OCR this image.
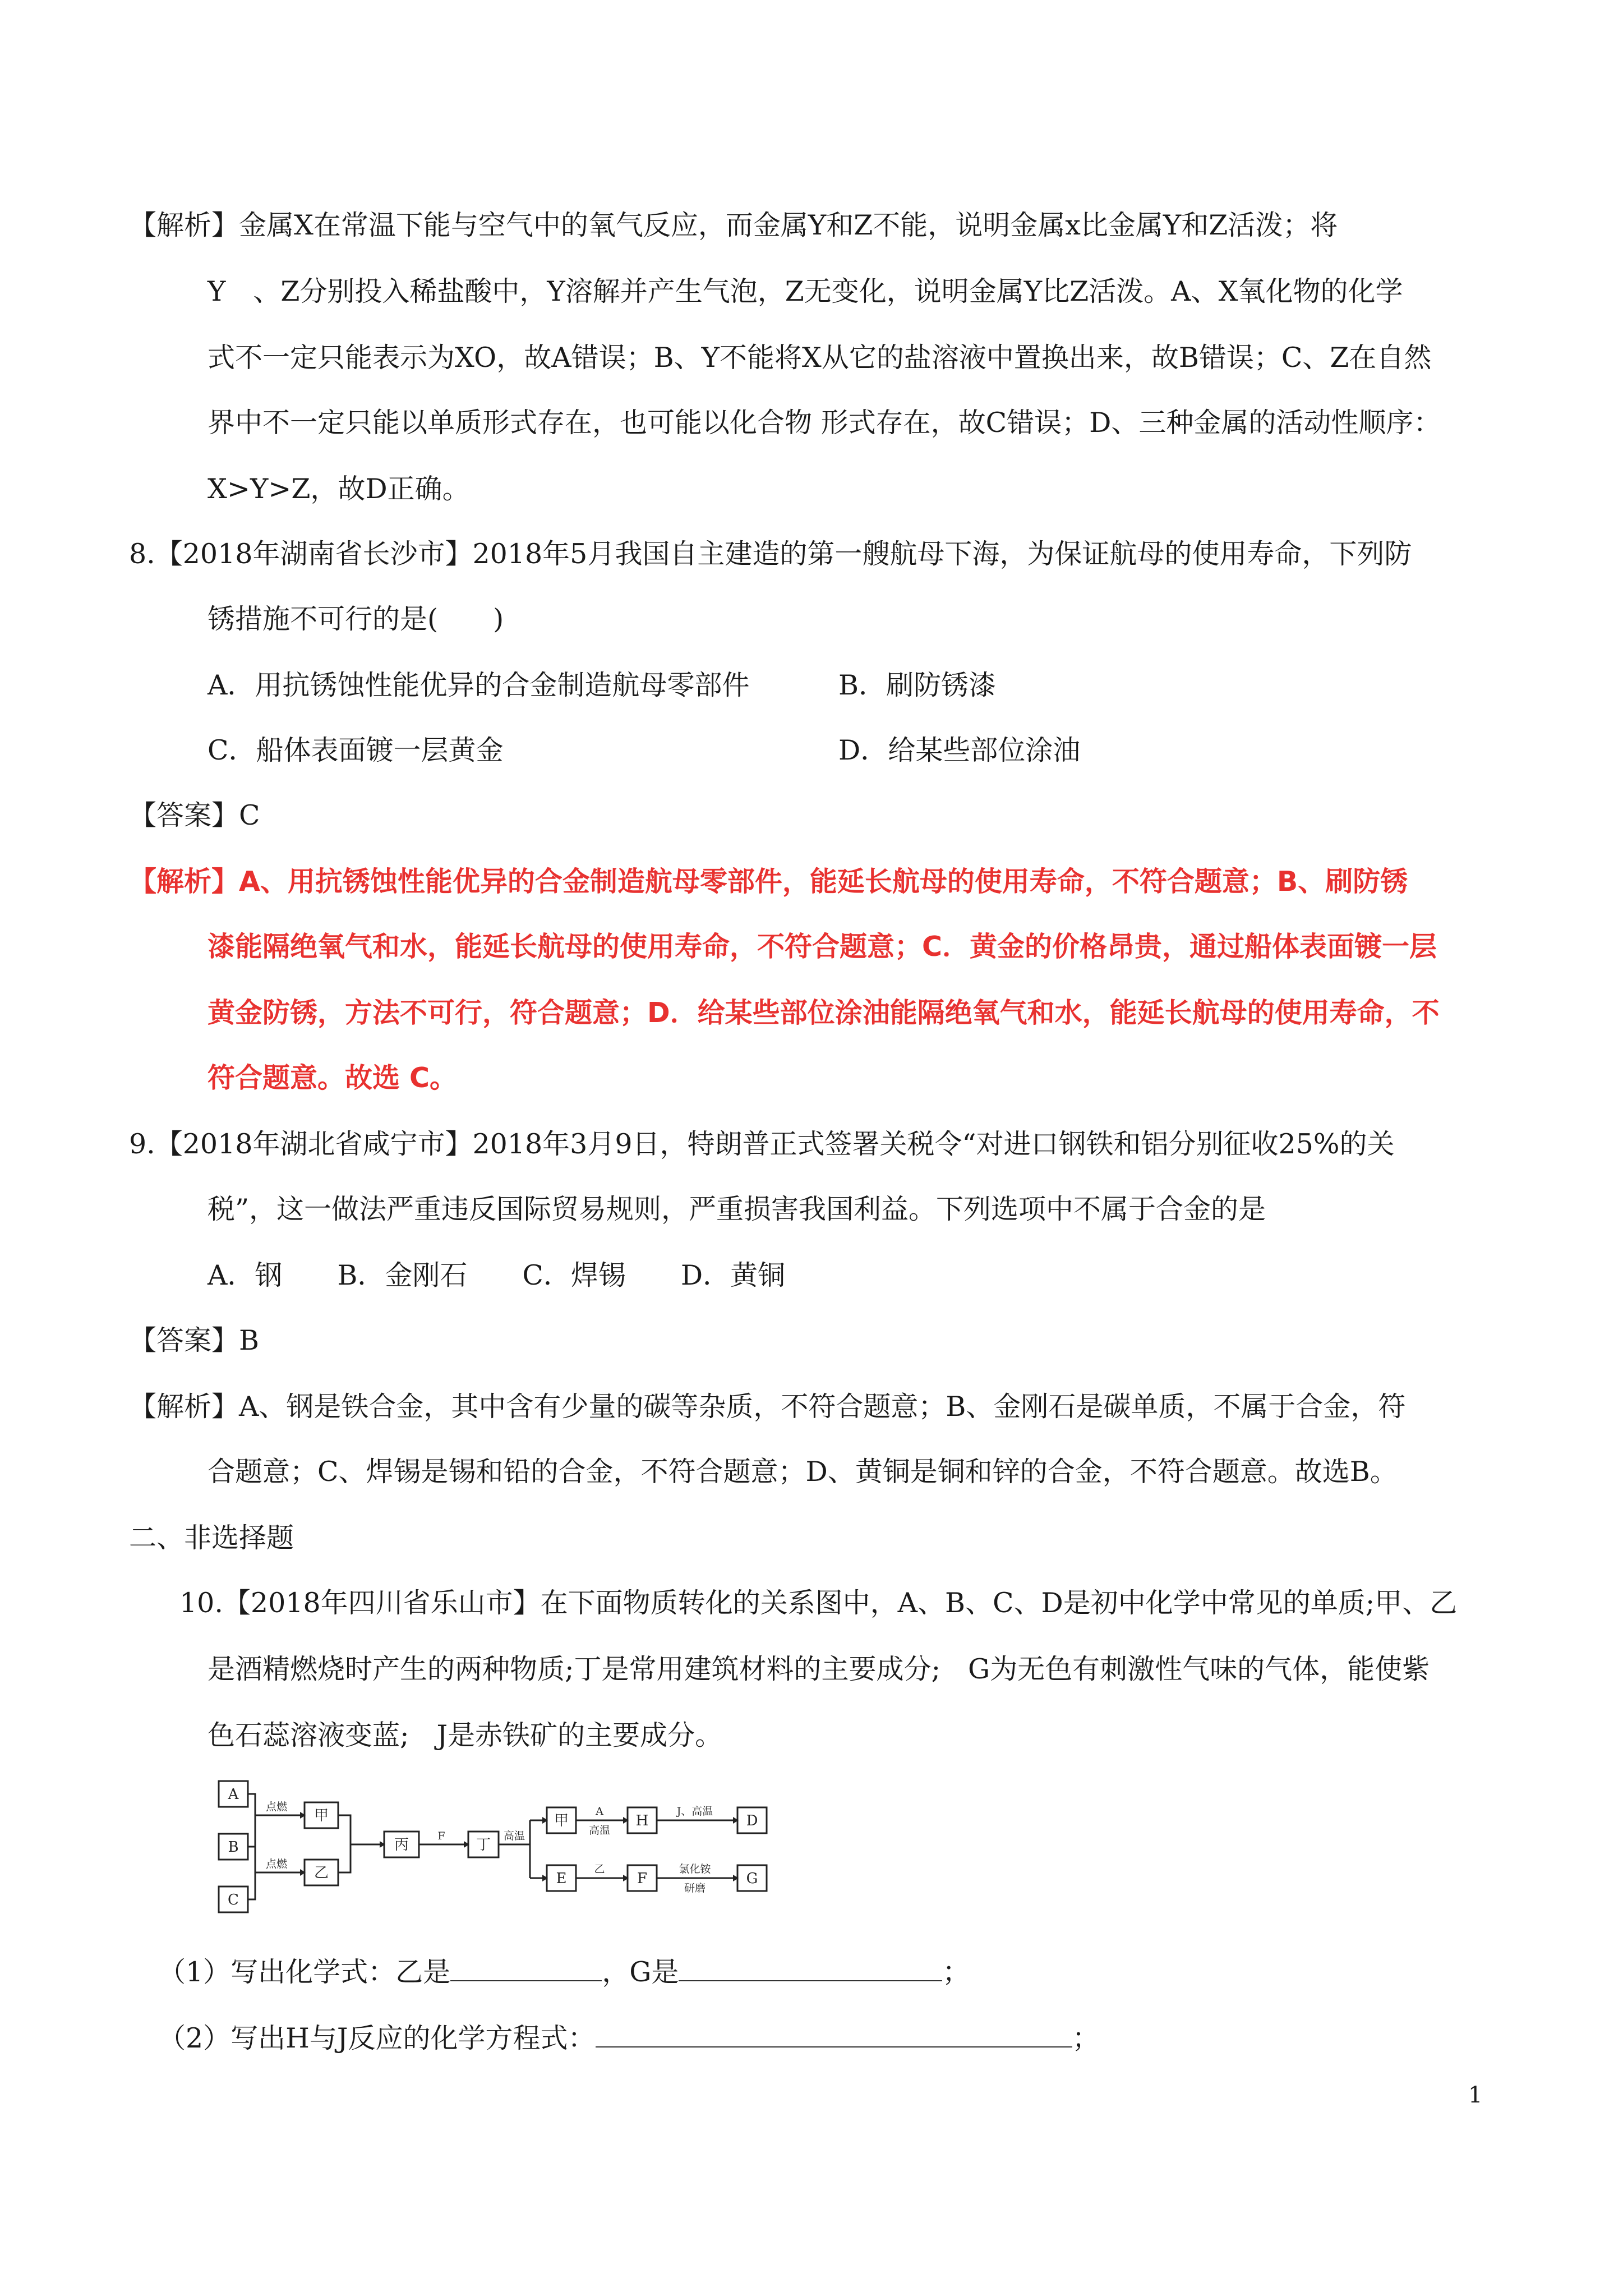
【解析】金属X在常温下能与空气中的氧气反应，而金属Y和Z不能，说明金属x比金属Y和Z活泼；将
Y　、Z分别投入稀盐酸中，Y溶解并产生气泡，Z无变化，说明金属Y比Z活泼。A、X氧化物的化学
式不一定只能表示为XO，故A错误；B、Y不能将X从它的盐溶液中置换出来，故B错误；C、Z在自然
界中不一定只能以单质形式存在，也可能以化合物 形式存在，故C错误；D、三种金属的活动性顺序：
X>Y>Z，故D正确。
8.【2018年湖南省长沙市】2018年5月我国自主建造的第一艘航母下海，为保证航母的使用寿命，下列防
锈措施不可行的是(　　)
A．用抗锈蚀性能优异的合金制造航母零部件	B．刷防锈漆
C．船体表面镀一层黄金	D．给某些部位涂油
【答案】C
【解析】A、用抗锈蚀性能优异的合金制造航母零部件，能延长航母的使用寿命，不符合题意；B、刷防锈
漆能隔绝氧气和水，能延长航母的使用寿命，不符合题意；C．黄金的价格昂贵，通过船体表面镀一层
黄金防锈，方法不可行，符合题意；D．给某些部位涂油能隔绝氧气和水，能延长航母的使用寿命，不
符合题意。故选 C。
9.【2018年湖北省咸宁市】2018年3月9日，特朗普正式签署关税令“对进口钢铁和铝分别征收25%的关
税”，这一做法严重违反国际贸易规则，严重损害我国利益。下列选项中不属于合金的是
A．钢　　B．金刚石　　C．焊锡　　D．黄铜
【答案】B
【解析】A、钢是铁合金，其中含有少量的碳等杂质，不符合题意；B、金刚石是碳单质，不属于合金，符
合题意；C、焊锡是锡和铅的合金，不符合题意；D、黄铜是铜和锌的合金，不符合题意。故选B。
二、非选择题
10.【2018年四川省乐山市】在下面物质转化的关系图中，A、B、C、D是初中化学中常见的单质;甲、乙
是酒精燃烧时产生的两种物质;丁是常用建筑材料的主要成分;　G为无色有刺激性气味的气体，能使紫
色石蕊溶液变蓝;　J是赤铁矿的主要成分。
A
B
C
甲
乙
丙	丁
甲	H	D
E	F	G
点燃
点燃
F	高温
A
高温
J、高温
乙	氯化铵
研磨
（1）写出化学式：乙是	，G是	；
（2）写出H与J反应的化学方程式：	；
1
